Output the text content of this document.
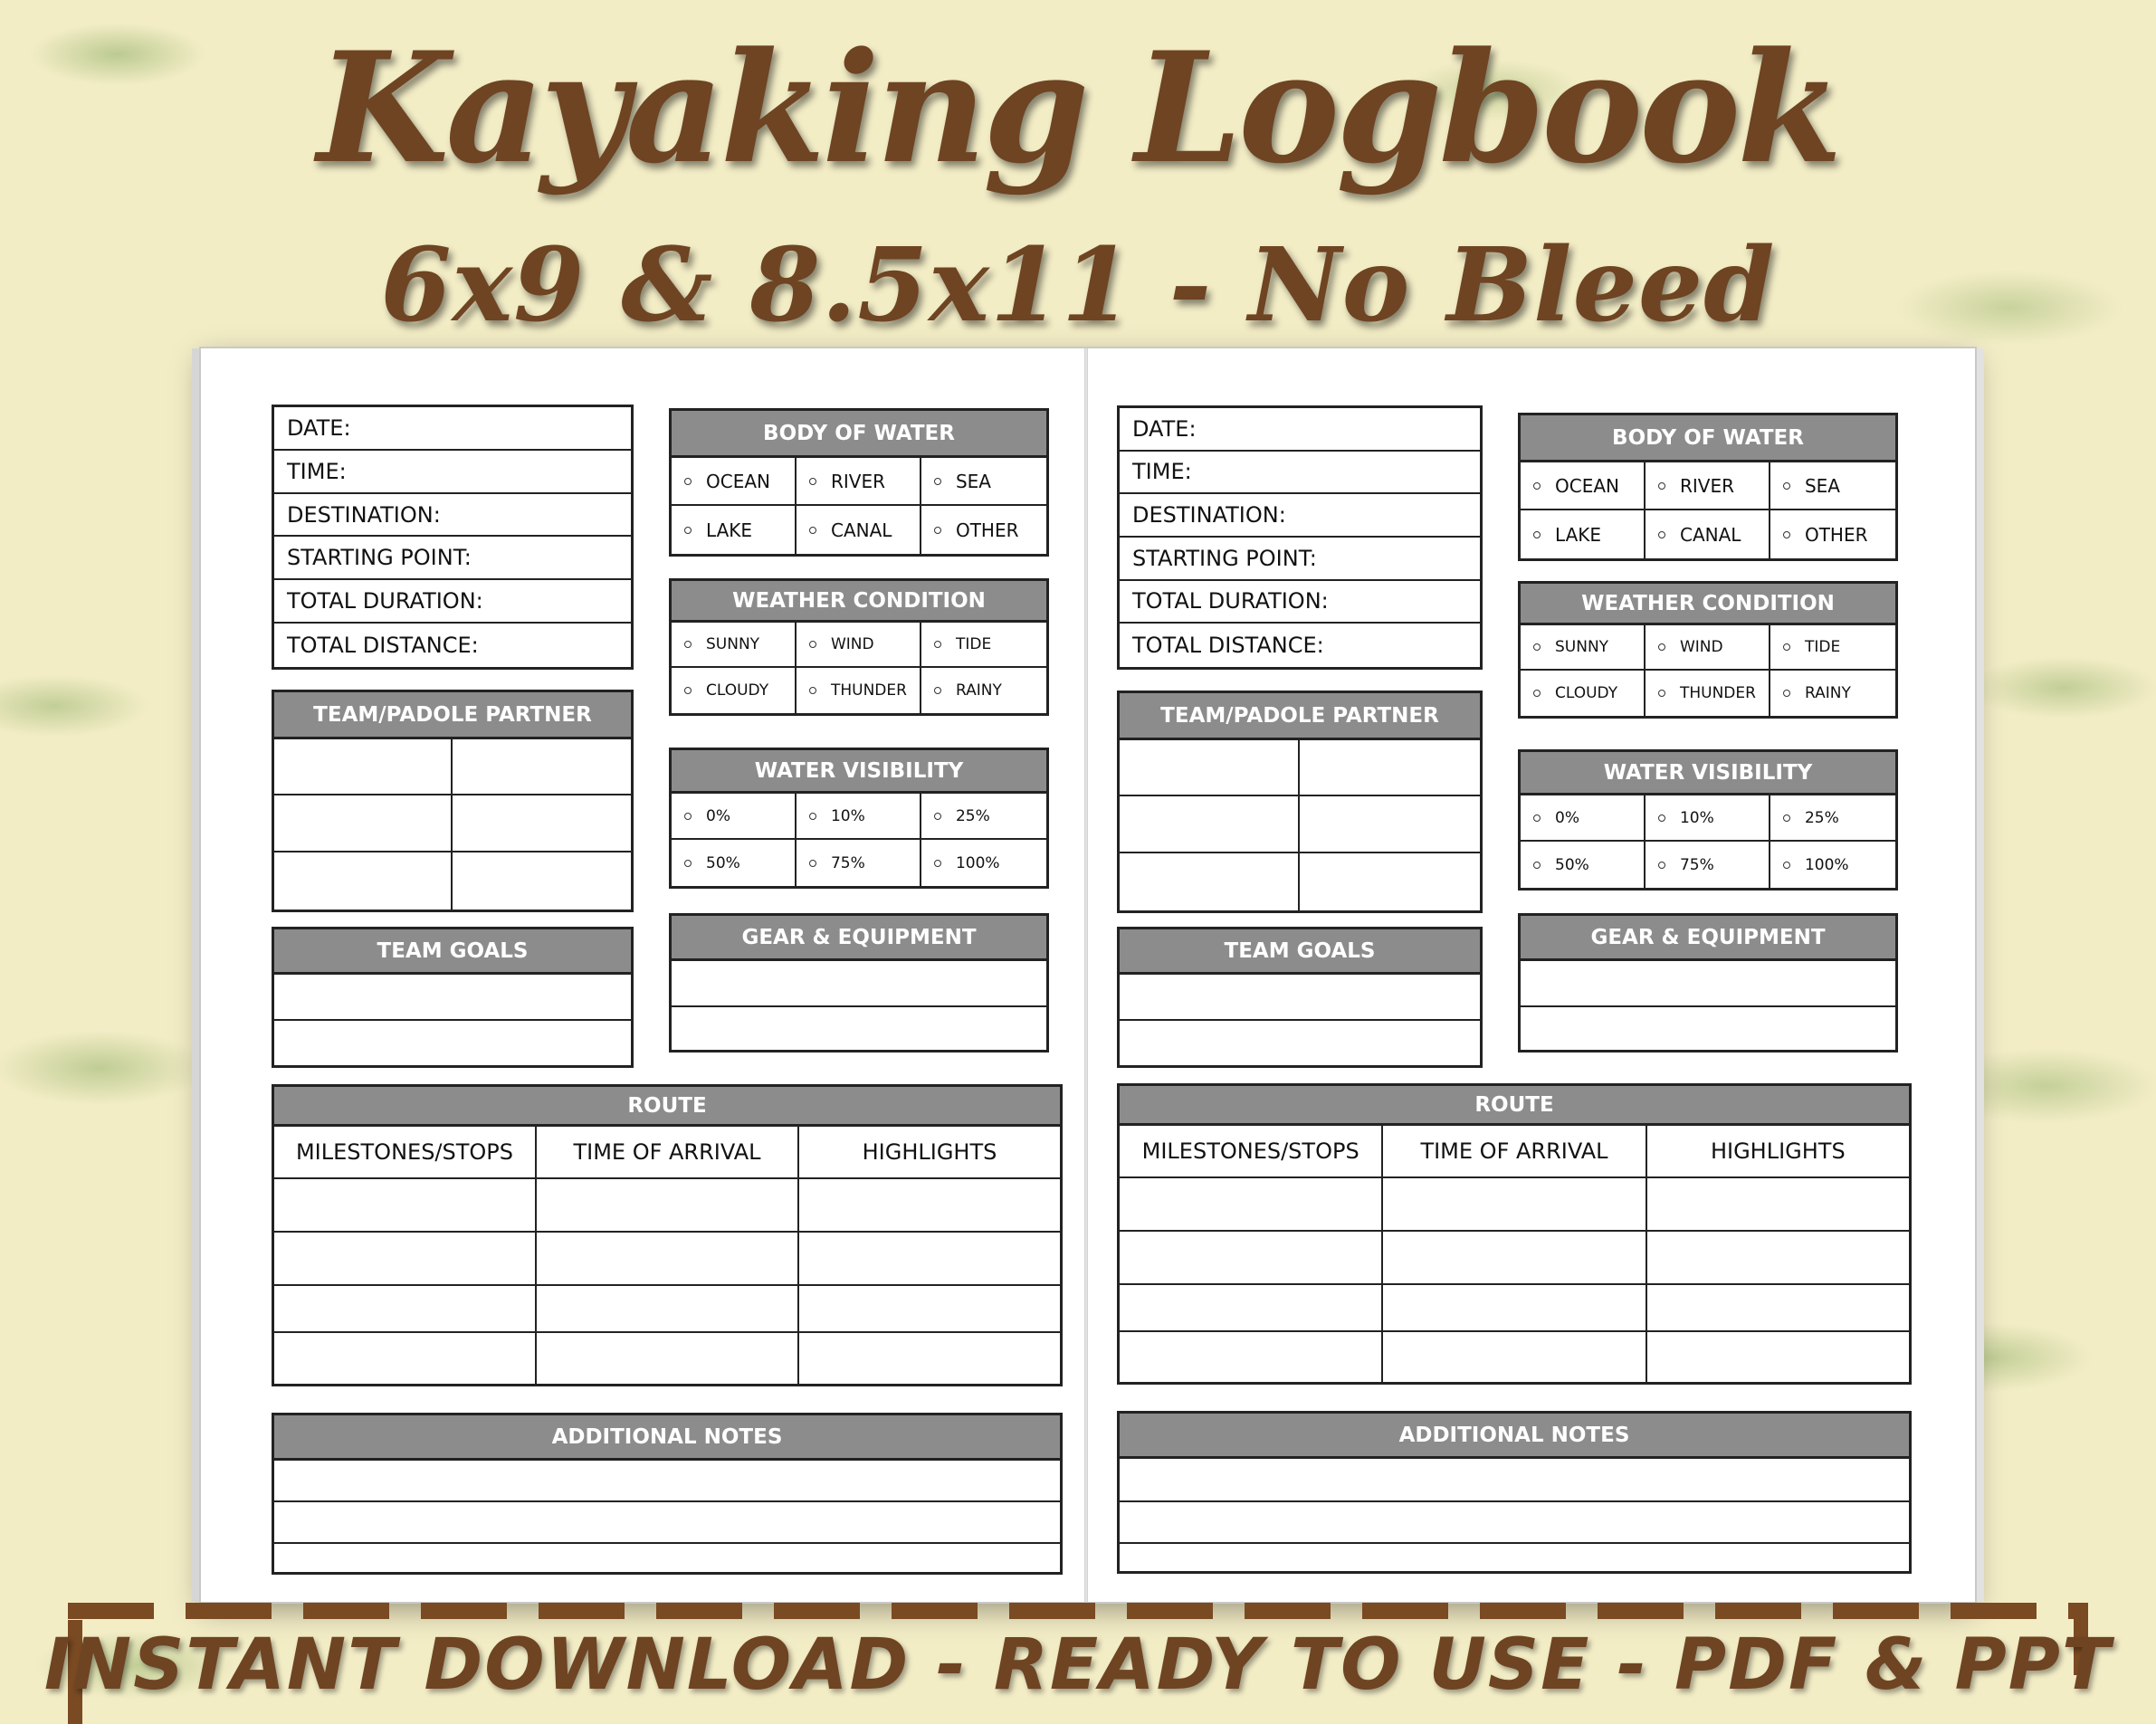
Kayaking Logbook
6x9 & 8.5x11 - No Bleed
DATE:
TIME:
DESTINATION:
STARTING POINT:
TOTAL DURATION:
TOTAL DISTANCE:
BODY OF WATER
OCEAN	RIVER	SEA
LAKE	CANAL	OTHER
WEATHER CONDITION
SUNNY	WIND	TIDE
CLOUDY	THUNDER	RAINY
TEAM/PADOLE PARTNER
WATER VISIBILITY
0%	10%	25%
50%	75%	100%
GEAR & EQUIPMENT
TEAM GOALS
ROUTE
MILESTONES/STOPS	TIME OF ARRIVAL	HIGHLIGHTS
ADDITIONAL NOTES
DATE:
TIME:
DESTINATION:
STARTING POINT:
TOTAL DURATION:
TOTAL DISTANCE:
BODY OF WATER
OCEAN	RIVER	SEA
LAKE	CANAL	OTHER
WEATHER CONDITION
SUNNY	WIND	TIDE
CLOUDY	THUNDER	RAINY
TEAM/PADOLE PARTNER
WATER VISIBILITY
0%	10%	25%
50%	75%	100%
GEAR & EQUIPMENT
TEAM GOALS
ROUTE
MILESTONES/STOPS	TIME OF ARRIVAL	HIGHLIGHTS
ADDITIONAL NOTES
INSTANT DOWNLOAD - READY TO USE - PDF & PPT
